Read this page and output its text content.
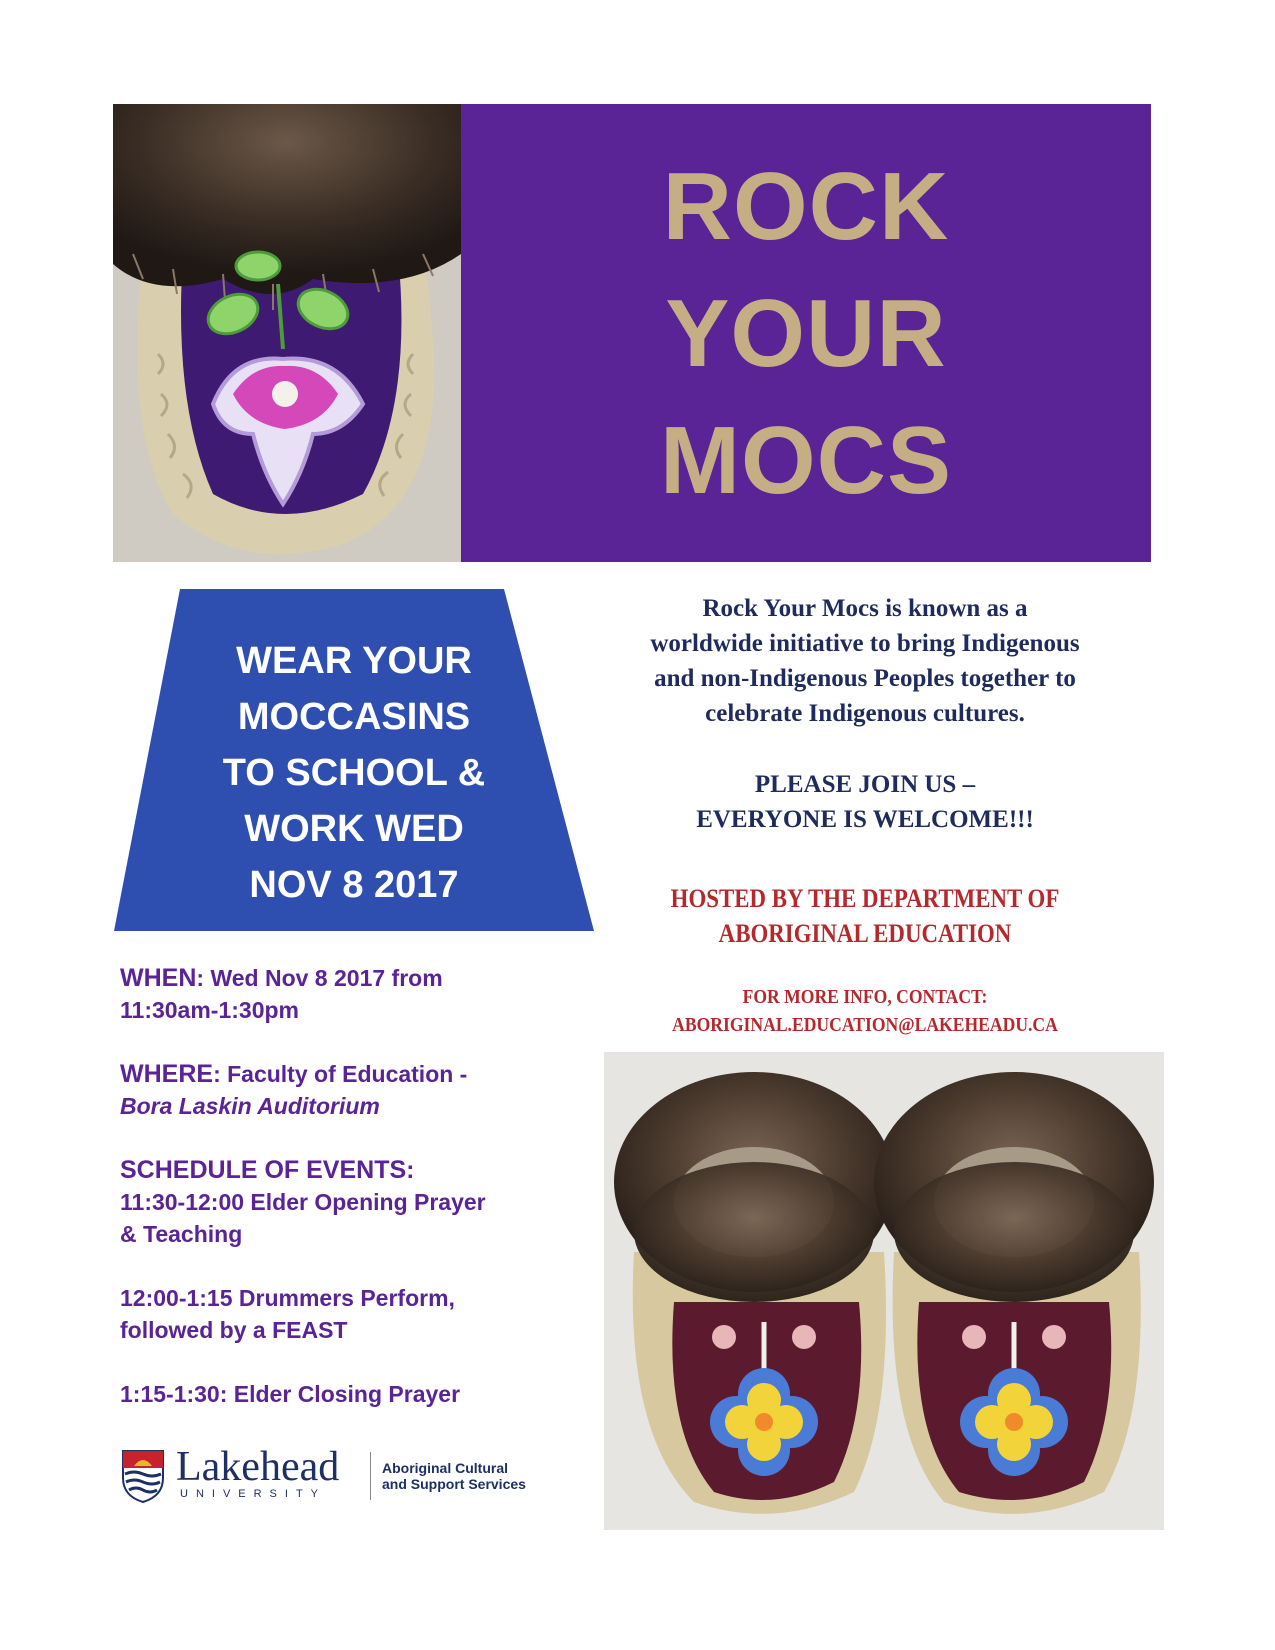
ROCK
YOUR
MOCS
WEAR YOUR
MOCCASINS
TO SCHOOL &
WORK WED
NOV 8 2017
Rock Your Mocs is known as a
worldwide initiative to bring Indigenous
and non-Indigenous Peoples together to
celebrate Indigenous cultures.
PLEASE JOIN US –
EVERYONE IS WELCOME!!!
HOSTED BY THE DEPARTMENT OF
ABORIGINAL EDUCATION
FOR MORE INFO, CONTACT:
ABORIGINAL.EDUCATION@LAKEHEADU.CA

WHEN: Wed Nov 8 2017 from

11:30am-1:30pm

WHERE: Faculty of Education -

Bora Laskin Auditorium

SCHEDULE OF EVENTS:

11:30-12:00 Elder Opening Prayer

& Teaching

12:00-1:15 Drummers Perform,

followed by a FEAST

1:15-1:30: Elder Closing Prayer

Lakehead
UNIVERSITY
Aboriginal Cultural
and Support Services
